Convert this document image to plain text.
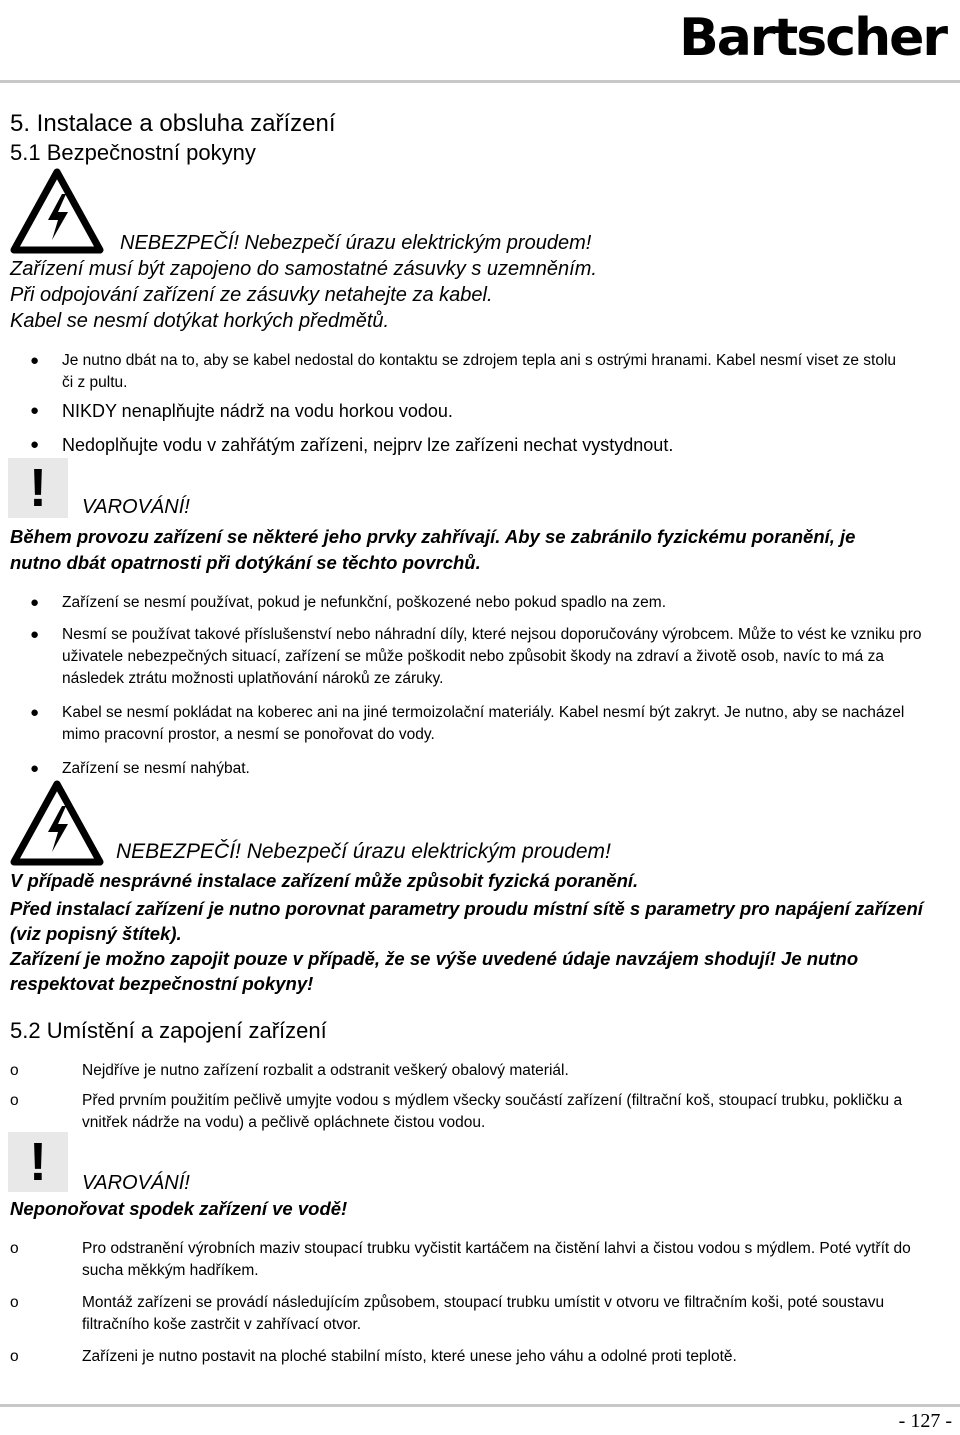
Bartscher
5. Instalace a obsluha zařízení
5.1 Bezpečnostní pokyny
NEBEZPEČÍ! Nebezpečí úrazu elektrickým proudem!
Zařízení musí být zapojeno do samostatné zásuvky s uzemněním.
Při odpojování zařízení ze zásuvky netahejte za kabel.
Kabel se nesmí dotýkat horkých předmětů.
●	Je nutno dbát na to, aby se kabel nedostal do kontaktu se zdrojem tepla ani s ostrými hranami. Kabel nesmí viset ze stolu či z pultu.
●	NIKDY nenaplňujte nádrž na vodu horkou vodou.
●	Nedoplňujte vodu v zahřátým zařízeni, nejprv lze zařízeni nechat vystydnout.
!	VAROVÁNÍ!
Během provozu zařízení se některé jeho prvky zahřívají. Aby se zabránilo fyzickému poranění, je nutno dbát opatrnosti při dotýkání se těchto povrchů.
●	Zařízení se nesmí používat, pokud je nefunkční, poškozené nebo pokud spadlo na zem.
●	Nesmí se používat takové příslušenství nebo náhradní díly, které nejsou doporučovány výrobcem. Může to vést ke vzniku pro uživatele nebezpečných situací, zařízení se může poškodit nebo způsobit škody na zdraví a životě osob, navíc to má za následek ztrátu možnosti uplatňování nároků ze záruky.
●	Kabel se nesmí pokládat na koberec ani na jiné termoizolační materiály. Kabel nesmí být zakryt. Je nutno, aby se nacházel mimo pracovní prostor, a nesmí se ponořovat do vody.
●	Zařízení se nesmí nahýbat.
NEBEZPEČÍ! Nebezpečí úrazu elektrickým proudem!
V případě nesprávné instalace zařízení může způsobit fyzická poranění.
Před instalací zařízení je nutno porovnat parametry proudu místní sítě s parametry pro napájení zařízení (viz popisný štítek).
Zařízení je možno zapojit pouze v případě, že se výše uvedené údaje navzájem shodují! Je nutno respektovat bezpečnostní pokyny!
5.2 Umístění a zapojení zařízení
o	Nejdříve je nutno zařízení rozbalit a odstranit veškerý obalový materiál.
o	Před prvním použitím pečlivě umyjte vodou s mýdlem všecky součástí zařízení (filtrační koš, stoupací trubku, pokličku a vnitřek nádrže na vodu) a pečlivě opláchnete čistou vodou.
!	VAROVÁNÍ!
Neponořovat spodek zařízení ve vodě!
o	Pro odstranění výrobních maziv stoupací trubku vyčistit kartáčem na čistění lahvi a čistou vodou s mýdlem. Poté vytřít do sucha měkkým hadříkem.
o	Montáž zařízeni se provádí následujícím způsobem, stoupací trubku umístit v otvoru ve filtračním koši, poté soustavu filtračního koše zastrčit v zahřívací otvor.
o	Zařízeni je nutno postavit na ploché stabilní místo, které unese jeho váhu a odolné proti teplotě.
- 127 -
